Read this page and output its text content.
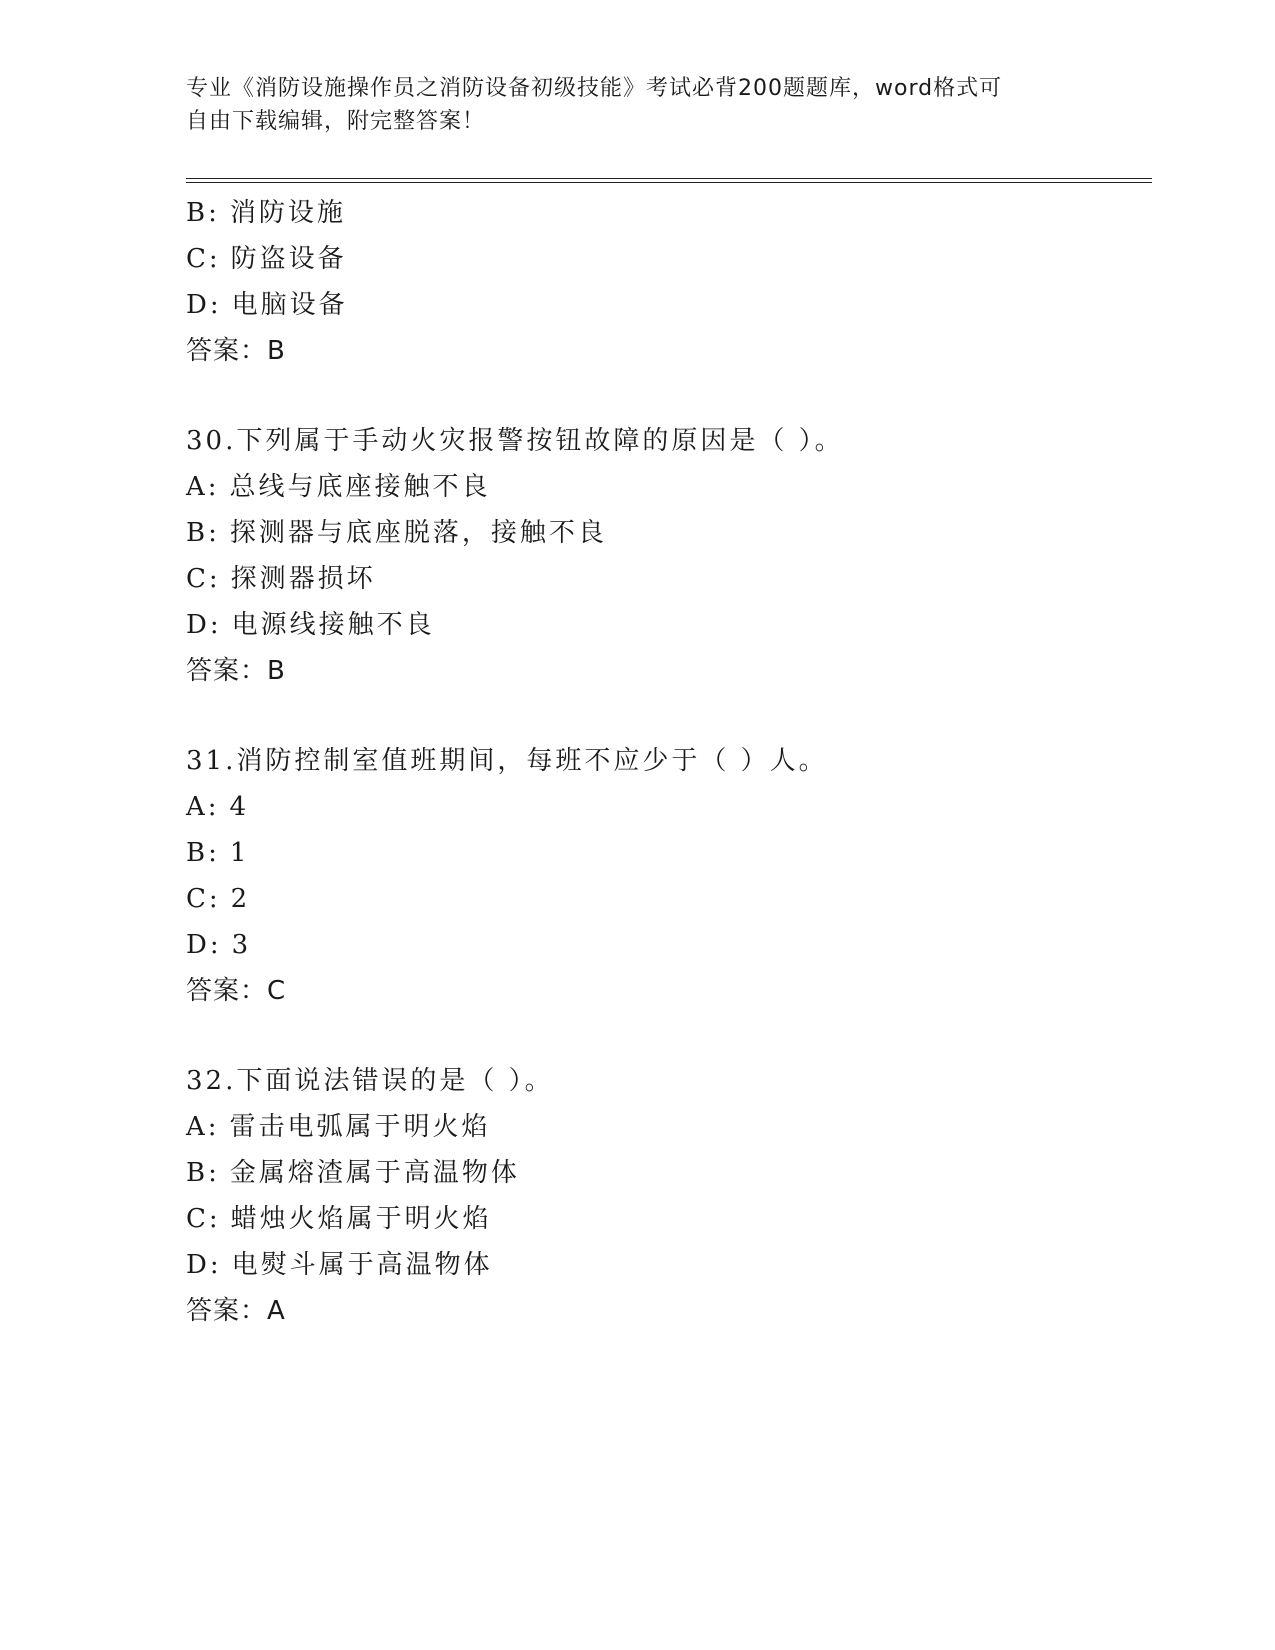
专业《消防设施操作员之消防设备初级技能》考试必背200题题库，word格式可
自由下载编辑，附完整答案！
B: 消防设施
C: 防盗设备
D: 电脑设备
答案：B
30.下列属于手动火灾报警按钮故障的原因是（ ）。
A: 总线与底座接触不良
B: 探测器与底座脱落，接触不良
C: 探测器损坏
D: 电源线接触不良
答案：B
31.消防控制室值班期间，每班不应少于（ ）人。
A: 4
B: 1
C: 2
D: 3
答案：C
32.下面说法错误的是（ ）。
A: 雷击电弧属于明火焰
B: 金属熔渣属于高温物体
C: 蜡烛火焰属于明火焰
D: 电熨斗属于高温物体
答案：A
